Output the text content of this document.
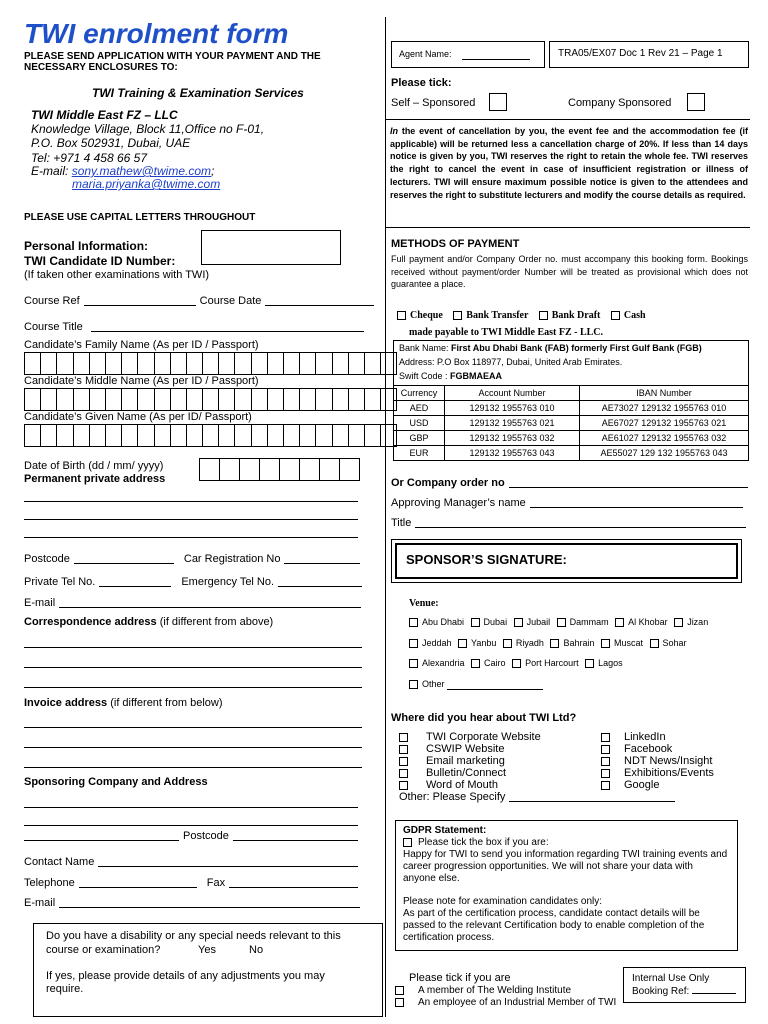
TWI enrolment form
PLEASE SEND APPLICATION WITH YOUR PAYMENT AND THE
NECESSARY ENCLOSURES TO:
TWI Training & Examination Services
TWI Middle East FZ – LLC
Knowledge Village, Block 11,Office no F-01,
P.O. Box 502931, Dubai, UAE
Tel: +971 4 458 66 57
E-mail: sony.mathew@twime.com;
maria.priyanka@twime.com
PLEASE USE CAPITAL LETTERS THROUGHOUT
Personal Information:
TWI Candidate ID Number:
(If taken other examinations with TWI)
Course Ref	Course Date
Course Title
Candidate’s Family Name (As per ID / Passport)
Candidate’s Middle Name (As per ID / Passport)
Candidate’s Given Name (As per ID/ Passport)
Date of Birth (dd / mm/ yyyy)
Permanent private address
Postcode	Car Registration No
Private Tel No.	Emergency Tel No.
E-mail
Correspondence address (if different from above)
Invoice address (if different from below)
Sponsoring Company and Address
Postcode
Contact Name
Telephone	Fax
E-mail
Do you have a disability or any special needs relevant to this
course or examination?	Yes	No
If yes, please provide details of any adjustments you may require.
Agent Name:	TRA05/EX07 Doc 1 Rev 21 – Page 1
Please tick:
Self – Sponsored	Company Sponsored
In the event of cancellation by you, the event fee and the accommodation fee (if applicable) will be returned less a cancellation charge of 20%. If less than 14 days notice is given by you, TWI reserves the right to retain the whole fee. TWI reserves the right to cancel the event in case of insufficient registration or illness of lecturers. TWI will ensure maximum possible notice is given to the attendees and reserves the right to substitute lecturers and modify the course details as required.
METHODS OF PAYMENT
Full payment and/or Company Order no. must accompany this booking form. Bookings received without payment/order Number will be treated as provisional which does not guarantee a place.
Cheque Bank Transfer Bank Draft Cash
made payable to TWI Middle East FZ - LLC.
Bank Name: First Abu Dhabi Bank (FAB) formerly First Gulf Bank (FGB)
Address: P.O Box 118977, Dubai, United Arab Emirates.
Swift Code : FGBMAEAA
Currency	Account Number	IBAN Number
AED	129132 1955763 010	AE73027 129132 1955763 010
USD	129132 1955763 021	AE67027 129132 1955763 021
GBP	129132 1955763 032	AE61027 129132 1955763 032
EUR	129132 1955763 043	AE55027 129 132 1955763 043
Or Company order no
Approving Manager’s name
Title
SPONSOR’S SIGNATURE:
Venue:
Abu Dhabi Dubai Jubail Dammam Al Khobar Jizan
Jeddah Yanbu Riyadh Bahrain Muscat Sohar
Alexandria Cairo Port Harcourt Lagos
Other
Where did you hear about TWI Ltd?
TWI Corporate Website
CSWIP Website
Email marketing
Bulletin/Connect
Word of Mouth
LinkedIn
Facebook
NDT News/Insight
Exhibitions/Events
Google
Other: Please Specify
GDPR Statement:
Please tick the box if you are:
Happy for TWI to send you information regarding TWI training events and career progression opportunities. We will not share your data with anyone else.
Please note for examination candidates only:
As part of the certification process, candidate contact details will be passed to the relevant Certification body to enable completion of the certification process.
Please tick if you are
A member of The Welding Institute
An employee of an Industrial Member of TWI
Internal Use Only
Booking Ref:
